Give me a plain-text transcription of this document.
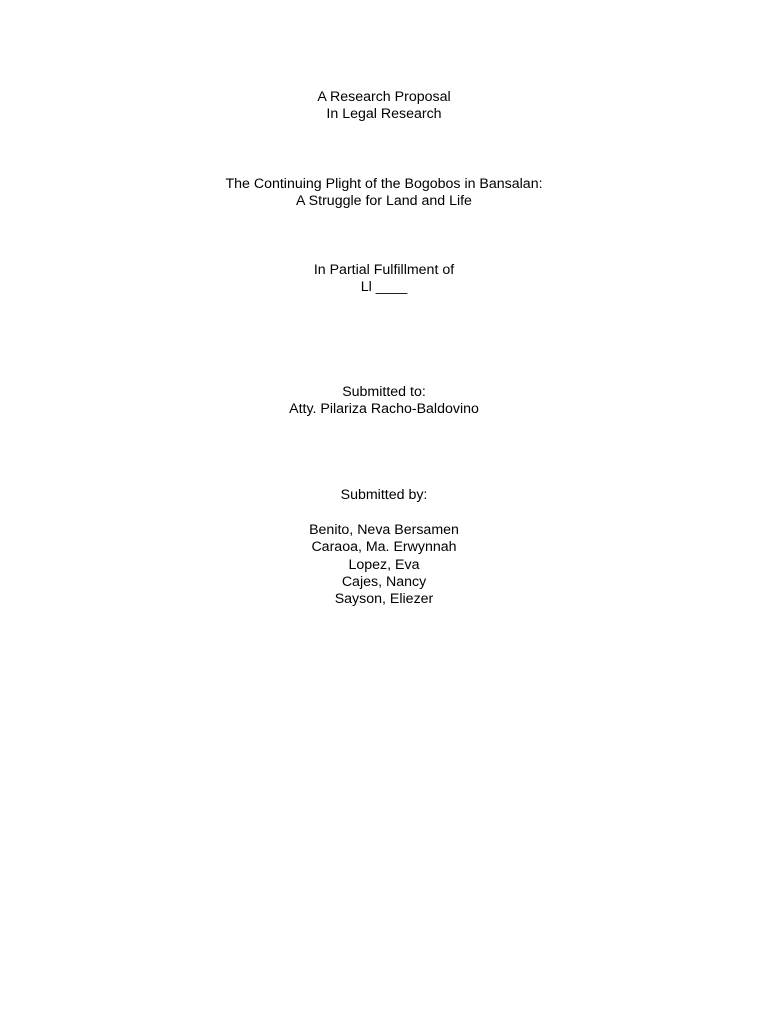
A Research Proposal
In Legal Research
The Continuing Plight of the Bogobos in Bansalan:
A Struggle for Land and Life
In Partial Fulfillment of
Ll ____
Submitted to:
Atty. Pilariza Racho-Baldovino
Submitted by:
Benito, Neva Bersamen
Caraoa, Ma. Erwynnah
Lopez, Eva
Cajes, Nancy
Sayson, Eliezer
